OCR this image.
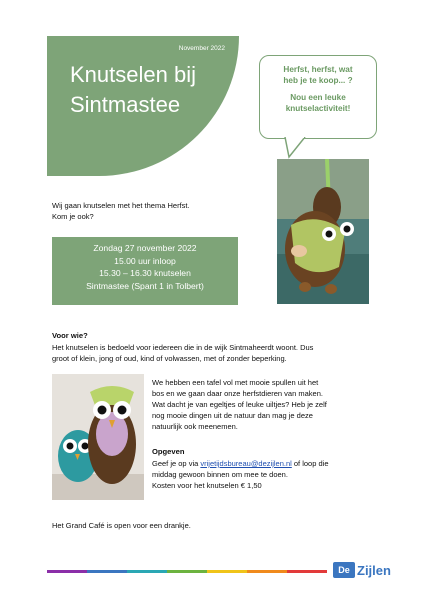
November 2022
Knutselen bij
Sintmastee
Herfst, herfst, wat
heb je te koop... ?
Nou een leuke
knutselactiviteit!
Wij gaan knutselen met het thema Herfst.
Kom je ook?
Zondag 27 november 2022
15.00 uur inloop
15.30 – 16.30 knutselen
Sintmastee (Spant 1 in Tolbert)
Voor wie?
Het knutselen is bedoeld voor iedereen die in de wijk Sintmaheerdt woont. Dus
groot of klein, jong of oud, kind of volwassen, met of zonder beperking.
We hebben een tafel vol met mooie spullen uit het
bos en we gaan daar onze herfstdieren van maken.
Wat dacht je van egeltjes of leuke uiltjes? Heb je zelf
nog mooie dingen uit de natuur dan mag je deze
natuurlijk ook meenemen.
Opgeven
Geef je op via vrijetijdsbureau@dezijlen.nl of loop die
middag gewoon binnen om mee te doen.
Kosten voor het knutselen € 1,50
Het Grand Café is open voor een drankje.
De Zijlen
